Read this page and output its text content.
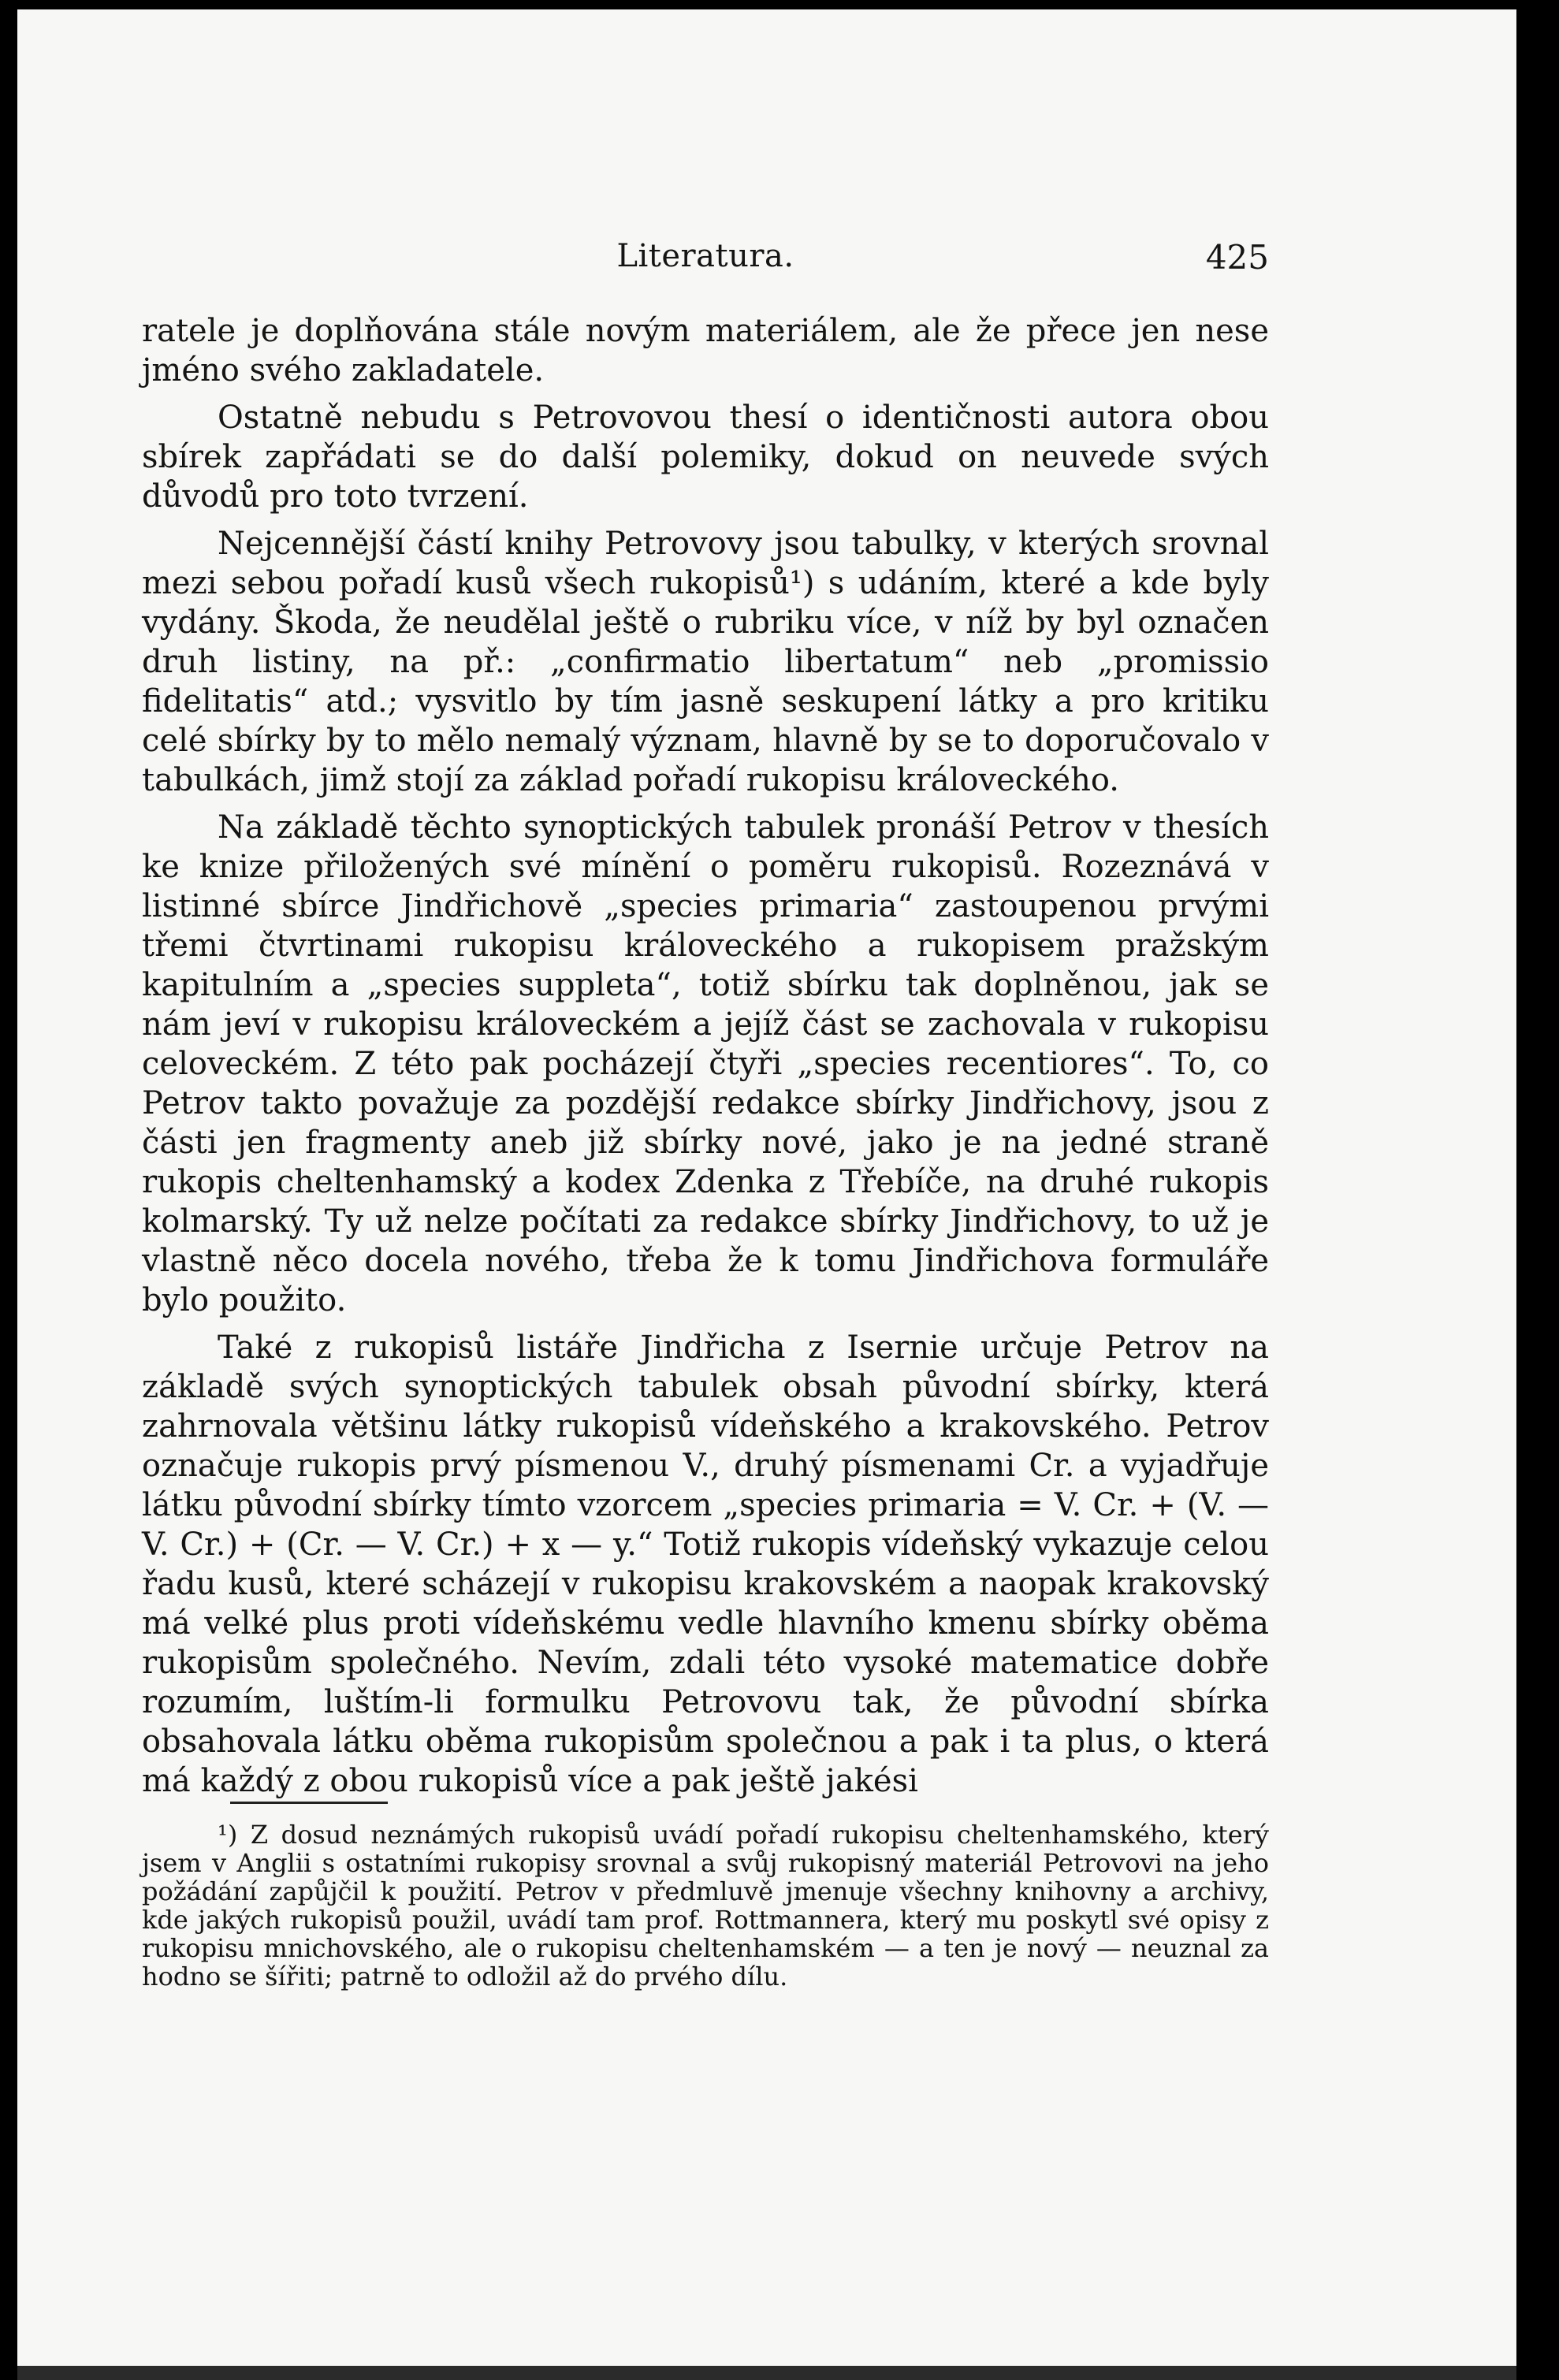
Literatura.	425

ratele je doplňována stále novým materiálem, ale že přece jen nese jméno svého zakladatele.

Ostatně nebudu s Petrovovou thesí o identičnosti autora obou sbírek zapřádati se do další polemiky, dokud on neuvede svých důvodů pro toto tvrzení.

Nejcennější částí knihy Petrovovy jsou tabulky, v kterých srovnal mezi sebou pořadí kusů všech rukopisů¹) s udáním, které a kde byly vydány. Škoda, že neudělal ještě o rubriku více, v níž by byl označen druh listiny, na př.: „confirmatio libertatum“ neb „promissio fidelitatis“ atd.; vysvitlo by tím jasně seskupení látky a pro kritiku celé sbírky by to mělo nemalý význam, hlavně by se to doporučovalo v tabulkách, jimž stojí za základ pořadí rukopisu královeckého.

Na základě těchto synoptických tabulek pronáší Petrov v thesích ke knize přiložených své mínění o poměru rukopisů. Rozeznává v listinné sbírce Jindřichově „species primaria“ zastoupenou prvými třemi čtvrtinami rukopisu královeckého a rukopisem pražským kapitulním a „species suppleta“, totiž sbírku tak doplněnou, jak se nám jeví v rukopisu královeckém a jejíž část se zachovala v rukopisu celoveckém. Z této pak pocházejí čtyři „species recentiores“. To, co Petrov takto považuje za pozdější redakce sbírky Jindřichovy, jsou z části jen fragmenty aneb již sbírky nové, jako je na jedné straně rukopis cheltenhamský a kodex Zdenka z Třebíče, na druhé rukopis kolmarský. Ty už nelze počítati za redakce sbírky Jindřichovy, to už je vlastně něco docela nového, třeba že k tomu Jindřichova formuláře bylo použito.

Také z rukopisů listáře Jindřicha z Isernie určuje Petrov na základě svých synoptických tabulek obsah původní sbírky, která zahrnovala většinu látky rukopisů vídeňského a krakovského. Petrov označuje rukopis prvý písmenou V., druhý písmenami Cr. a vyjadřuje látku původní sbírky tímto vzorcem „species primaria = V. Cr. + (V. — V. Cr.) + (Cr. — V. Cr.) + x — y.“ Totiž rukopis vídeňský vykazuje celou řadu kusů, které scházejí v rukopisu krakovském a naopak krakovský má velké plus proti vídeňskému vedle hlavního kmenu sbírky oběma rukopisům společného. Nevím, zdali této vysoké matematice dobře rozumím, luštím-li formulku Petrovovu tak, že původní sbírka obsahovala látku oběma rukopisům společnou a pak i ta plus, o která má každý z obou rukopisů více a pak ještě jakési

¹) Z dosud neznámých rukopisů uvádí pořadí rukopisu cheltenhamského, který jsem v Anglii s ostatními rukopisy srovnal a svůj rukopisný materiál Petrovovi na jeho požádání zapůjčil k použití. Petrov v předmluvě jmenuje všechny knihovny a archivy, kde jakých rukopisů použil, uvádí tam prof. Rottmannera, který mu poskytl své opisy z rukopisu mnichovského, ale o rukopisu cheltenhamském — a ten je nový — neuznal za hodno se šířiti; patrně to odložil až do prvého dílu.
